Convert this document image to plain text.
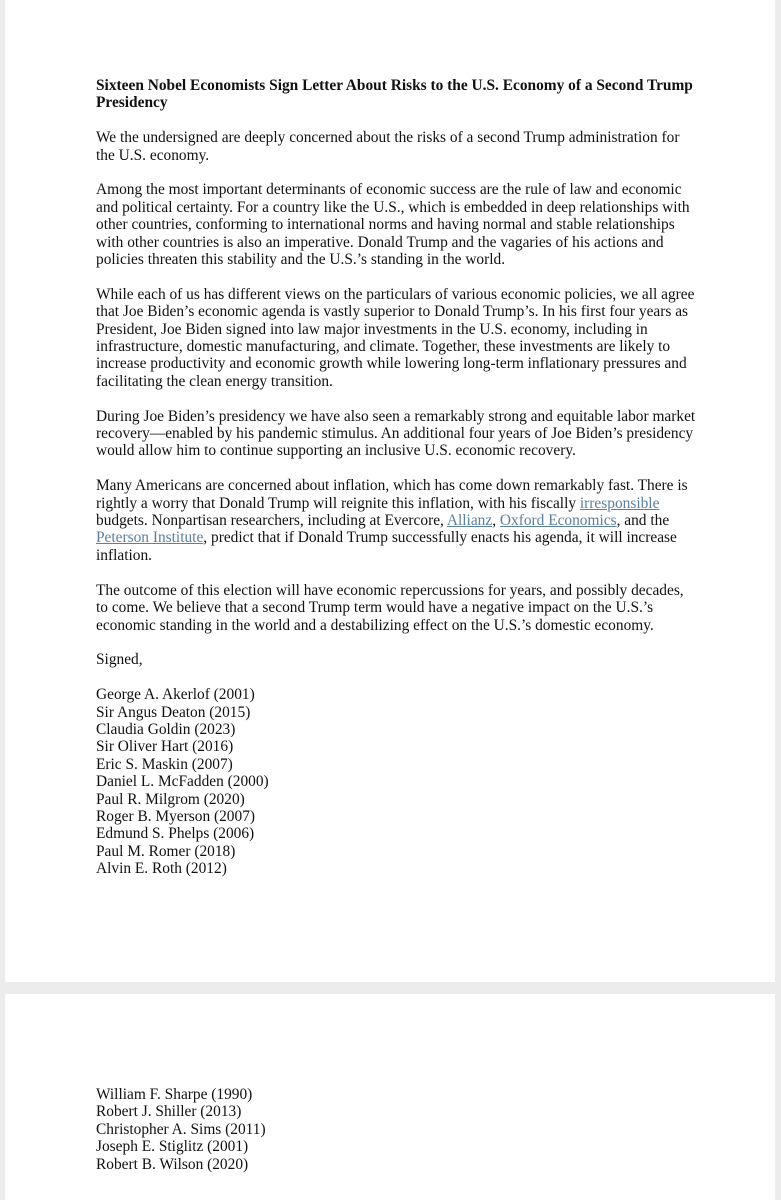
Sixteen Nobel Economists Sign Letter About Risks to the U.S. Economy of a Second Trump Presidency

We the undersigned are deeply concerned about the risks of a second Trump administration for the U.S. economy.

Among the most important determinants of economic success are the rule of law and economic and political certainty. For a country like the U.S., which is embedded in deep relationships with other countries, conforming to international norms and having normal and stable relationships with other countries is also an imperative. Donald Trump and the vagaries of his actions and policies threaten this stability and the U.S.’s standing in the world.

While each of us has different views on the particulars of various economic policies, we all agree that Joe Biden’s economic agenda is vastly superior to Donald Trump’s. In his first four years as President, Joe Biden signed into law major investments in the U.S. economy, including in infrastructure, domestic manufacturing, and climate. Together, these investments are likely to increase productivity and economic growth while lowering long-term inflationary pressures and facilitating the clean energy transition.

During Joe Biden’s presidency we have also seen a remarkably strong and equitable labor market recovery—enabled by his pandemic stimulus. An additional four years of Joe Biden’s presidency would allow him to continue supporting an inclusive U.S. economic recovery.

Many Americans are concerned about inflation, which has come down remarkably fast. There is rightly a worry that Donald Trump will reignite this inflation, with his fiscally irresponsible budgets. Nonpartisan researchers, including at Evercore, Allianz, Oxford Economics, and the Peterson Institute, predict that if Donald Trump successfully enacts his agenda, it will increase inflation.

The outcome of this election will have economic repercussions for years, and possibly decades, to come. We believe that a second Trump term would have a negative impact on the U.S.’s economic standing in the world and a destabilizing effect on the U.S.’s domestic economy.

Signed,

George A. Akerlof (2001)
Sir Angus Deaton (2015)
Claudia Goldin (2023)
Sir Oliver Hart (2016)
Eric S. Maskin (2007)
Daniel L. McFadden (2000)
Paul R. Milgrom (2020)
Roger B. Myerson (2007)
Edmund S. Phelps (2006)
Paul M. Romer (2018)
Alvin E. Roth (2012)
William F. Sharpe (1990)
Robert J. Shiller (2013)
Christopher A. Sims (2011)
Joseph E. Stiglitz (2001)
Robert B. Wilson (2020)
